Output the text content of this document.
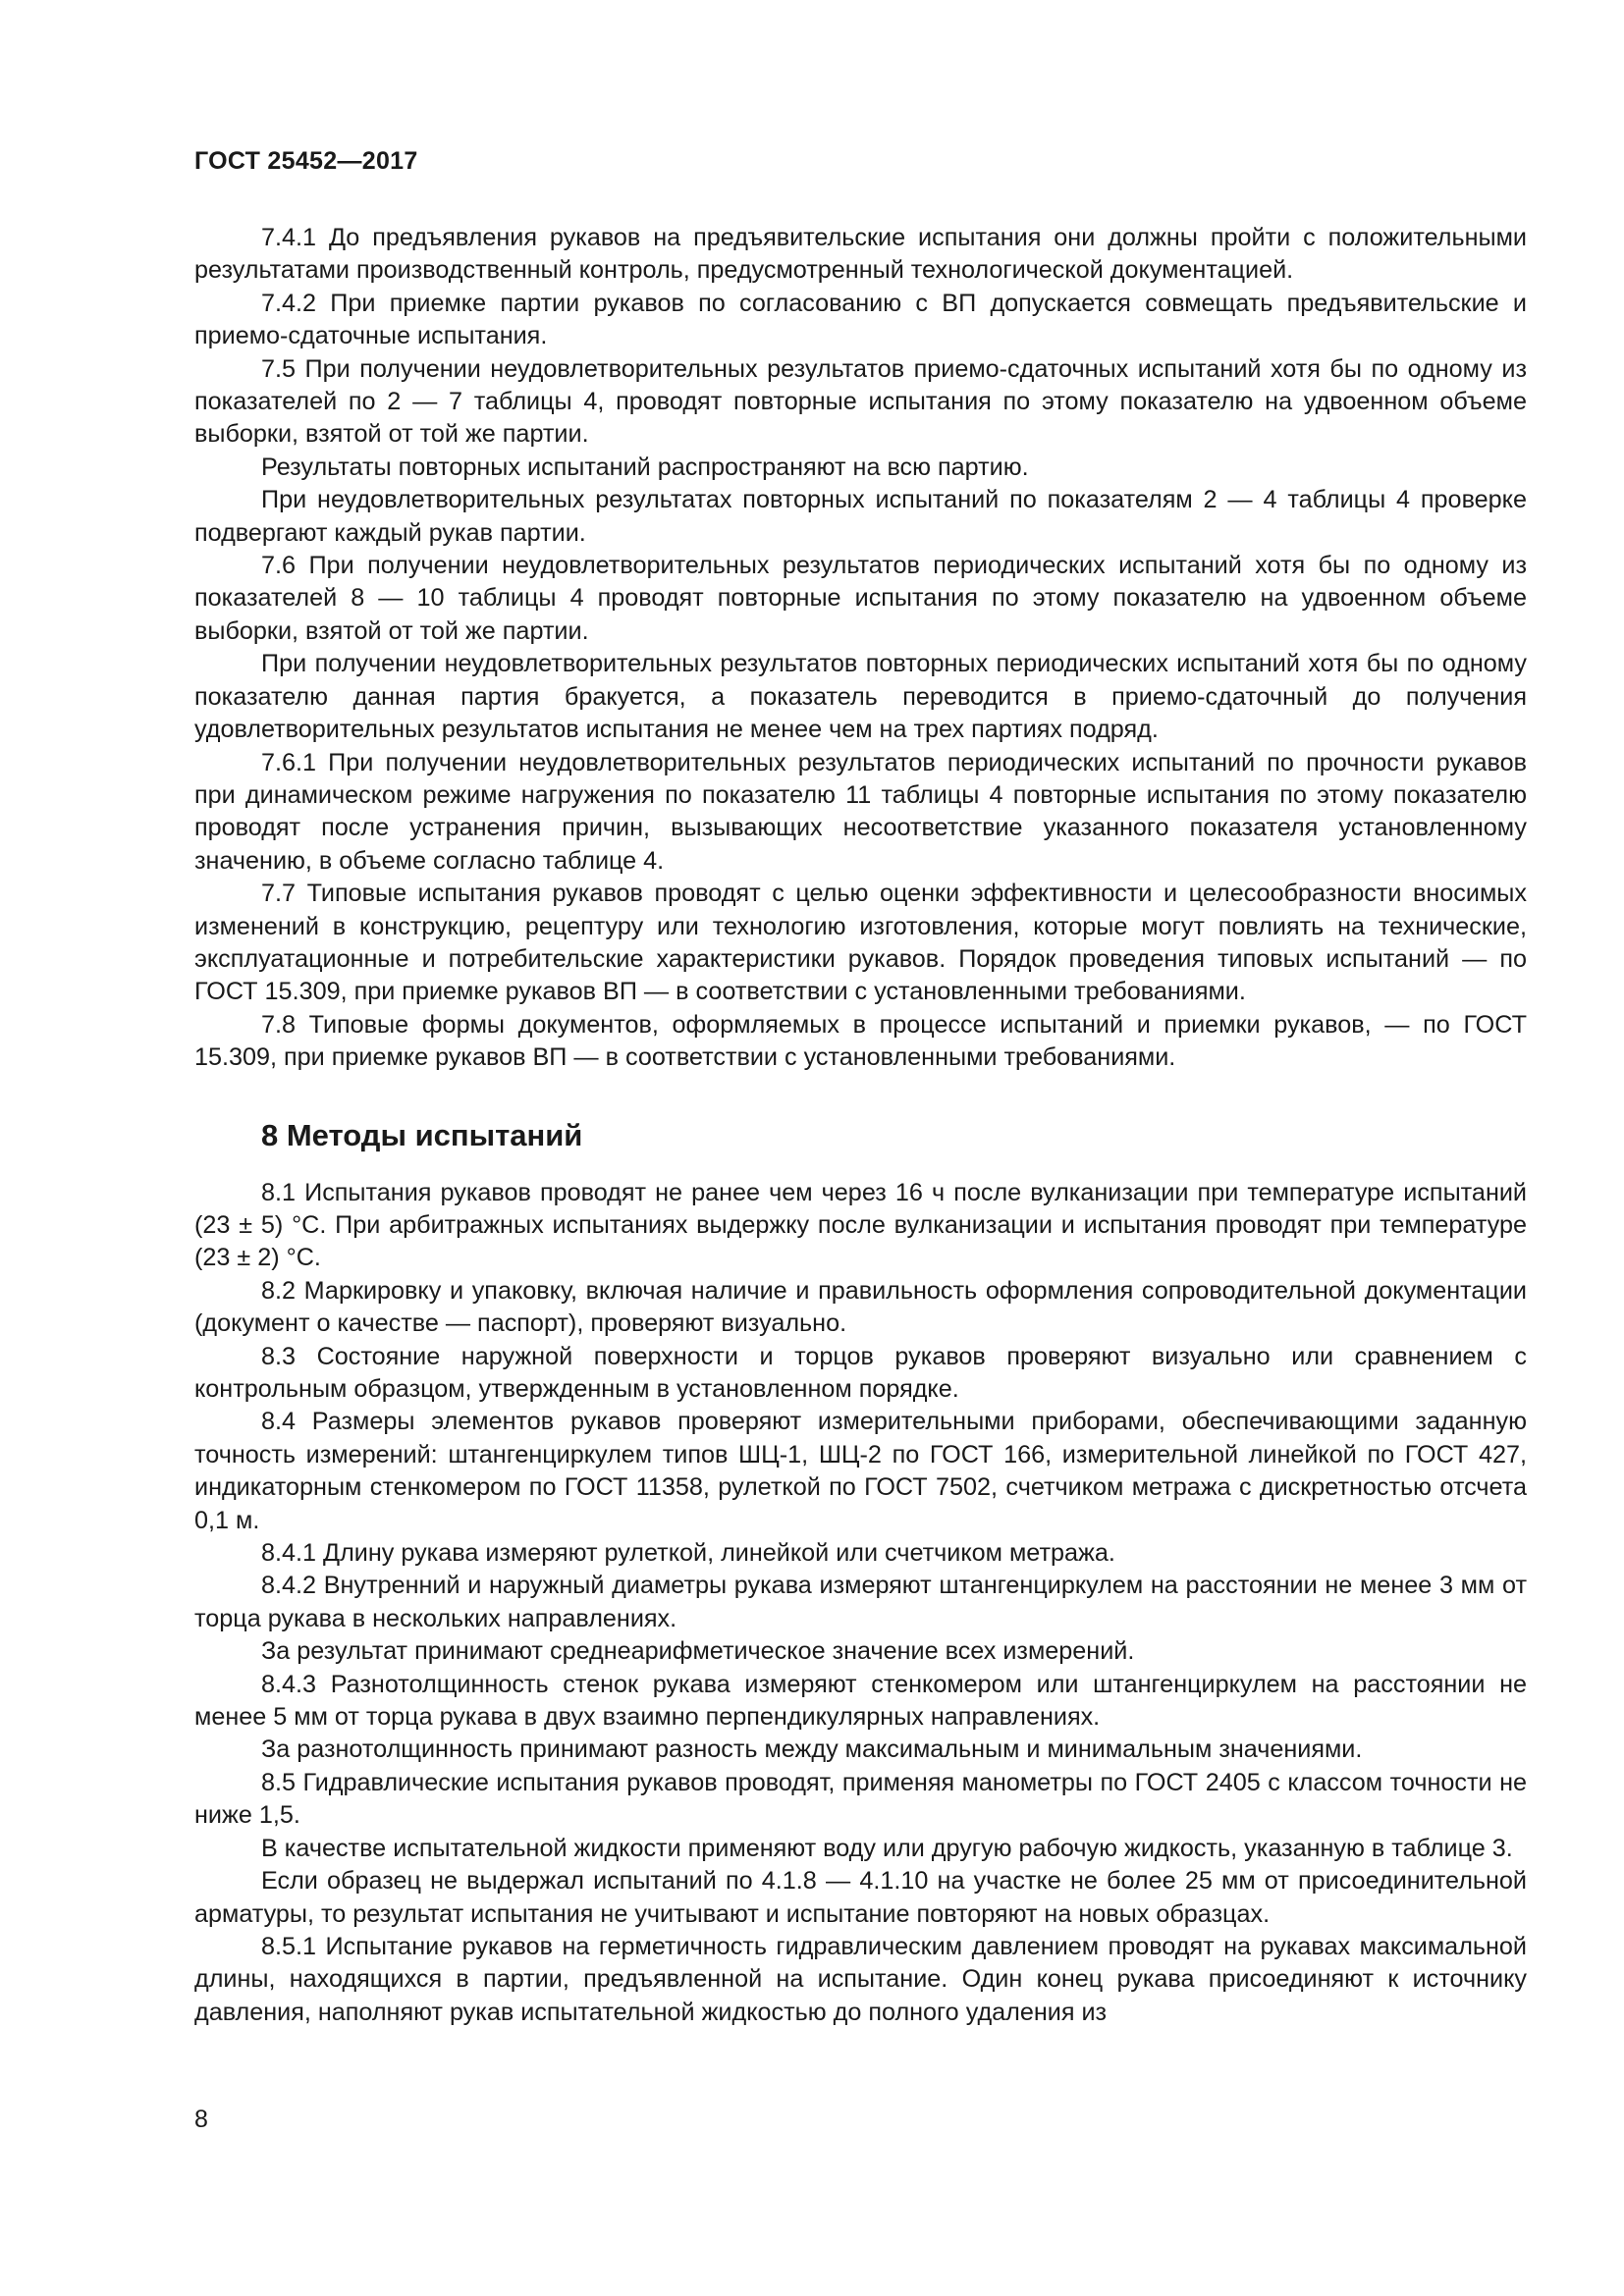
ГОСТ 25452—2017

7.4.1 До предъявления рукавов на предъявительские испытания они должны пройти с положительными результатами производственный контроль, предусмотренный технологической документацией.

7.4.2 При приемке партии рукавов по согласованию с ВП допускается совмещать предъявительские и приемо-сдаточные испытания.

7.5 При получении неудовлетворительных результатов приемо-сдаточных испытаний хотя бы по одному из показателей по 2 — 7 таблицы 4, проводят повторные испытания по этому показателю на удвоенном объеме выборки, взятой от той же партии.

Результаты повторных испытаний распространяют на всю партию.

При неудовлетворительных результатах повторных испытаний по показателям 2 — 4 таблицы 4 проверке подвергают каждый рукав партии.

7.6 При получении неудовлетворительных результатов периодических испытаний хотя бы по одному из показателей 8 — 10 таблицы 4 проводят повторные испытания по этому показателю на удвоенном объеме выборки, взятой от той же партии.

При получении неудовлетворительных результатов повторных периодических испытаний хотя бы по одному показателю данная партия бракуется, а показатель переводится в приемо-сдаточный до получения удовлетворительных результатов испытания не менее чем на трех партиях подряд.

7.6.1 При получении неудовлетворительных результатов периодических испытаний по прочности рукавов при динамическом режиме нагружения по показателю 11 таблицы 4 повторные испытания по этому показателю проводят после устранения причин, вызывающих несоответствие указанного показателя установленному значению, в объеме согласно таблице 4.

7.7 Типовые испытания рукавов проводят с целью оценки эффективности и целесообразности вносимых изменений в конструкцию, рецептуру или технологию изготовления, которые могут повлиять на технические, эксплуатационные и потребительские характеристики рукавов. Порядок проведения типовых испытаний — по ГОСТ 15.309, при приемке рукавов ВП — в соответствии с установленными требованиями.

7.8 Типовые формы документов, оформляемых в процессе испытаний и приемки рукавов, — по ГОСТ 15.309, при приемке рукавов ВП — в соответствии с установленными требованиями.

8 Методы испытаний

8.1 Испытания рукавов проводят не ранее чем через 16 ч после вулканизации при температуре испытаний (23 ± 5) °С. При арбитражных испытаниях выдержку после вулканизации и испытания проводят при температуре (23 ± 2) °С.

8.2 Маркировку и упаковку, включая наличие и правильность оформления сопроводительной документации (документ о качестве — паспорт), проверяют визуально.

8.3 Состояние наружной поверхности и торцов рукавов проверяют визуально или сравнением с контрольным образцом, утвержденным в установленном порядке.

8.4 Размеры элементов рукавов проверяют измерительными приборами, обеспечивающими заданную точность измерений: штангенциркулем типов ШЦ-1, ШЦ-2 по ГОСТ 166, измерительной линейкой по ГОСТ 427, индикаторным стенкомером по ГОСТ 11358, рулеткой по ГОСТ 7502, счетчиком метража с дискретностью отсчета 0,1 м.

8.4.1 Длину рукава измеряют рулеткой, линейкой или счетчиком метража.

8.4.2 Внутренний и наружный диаметры рукава измеряют штангенциркулем на расстоянии не менее 3 мм от торца рукава в нескольких направлениях.

За результат принимают среднеарифметическое значение всех измерений.

8.4.3 Разнотолщинность стенок рукава измеряют стенкомером или штангенциркулем на расстоянии не менее 5 мм от торца рукава в двух взаимно перпендикулярных направлениях.

За разнотолщинность принимают разность между максимальным и минимальным значениями.

8.5 Гидравлические испытания рукавов проводят, применяя манометры по ГОСТ 2405 с классом точности не ниже 1,5.

В качестве испытательной жидкости применяют воду или другую рабочую жидкость, указанную в таблице 3.

Если образец не выдержал испытаний по 4.1.8 — 4.1.10 на участке не более 25 мм от присоединительной арматуры, то результат испытания не учитывают и испытание повторяют на новых образцах.

8.5.1 Испытание рукавов на герметичность гидравлическим давлением проводят на рукавах максимальной длины, находящихся в партии, предъявленной на испытание. Один конец рукава присоединяют к источнику давления, наполняют рукав испытательной жидкостью до полного удаления из

8
